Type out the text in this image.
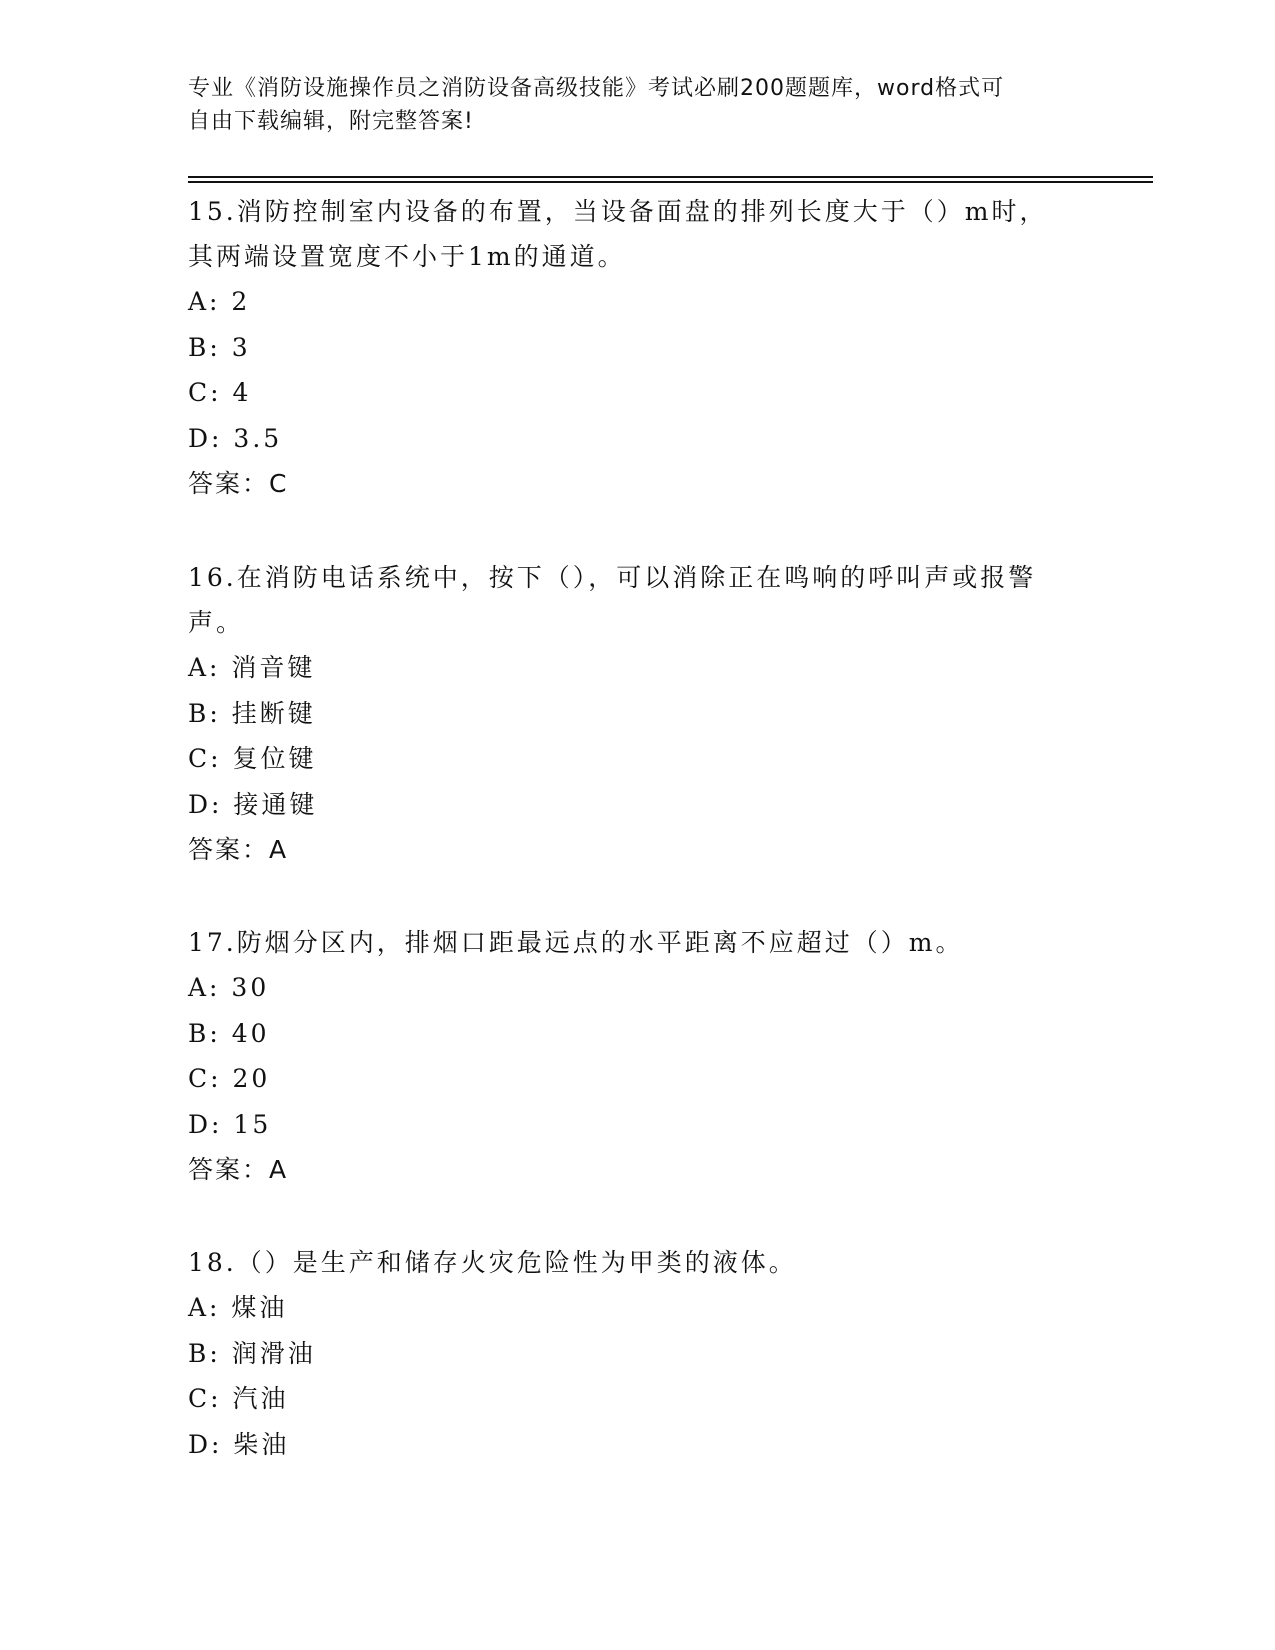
专业《消防设施操作员之消防设备高级技能》考试必刷200题题库，word格式可
自由下载编辑，附完整答案!
15.消防控制室内设备的布置，当设备面盘的排列长度大于（）m时，
其两端设置宽度不小于1m的通道。
A: 2
B: 3
C: 4
D: 3.5
答案：C
16.在消防电话系统中，按下（），可以消除正在鸣响的呼叫声或报警
声。
A: 消音键
B: 挂断键
C: 复位键
D: 接通键
答案：A
17.防烟分区内，排烟口距最远点的水平距离不应超过（）m。
A: 30
B: 40
C: 20
D: 15
答案：A
18.（）是生产和储存火灾危险性为甲类的液体。
A: 煤油
B: 润滑油
C: 汽油
D: 柴油
